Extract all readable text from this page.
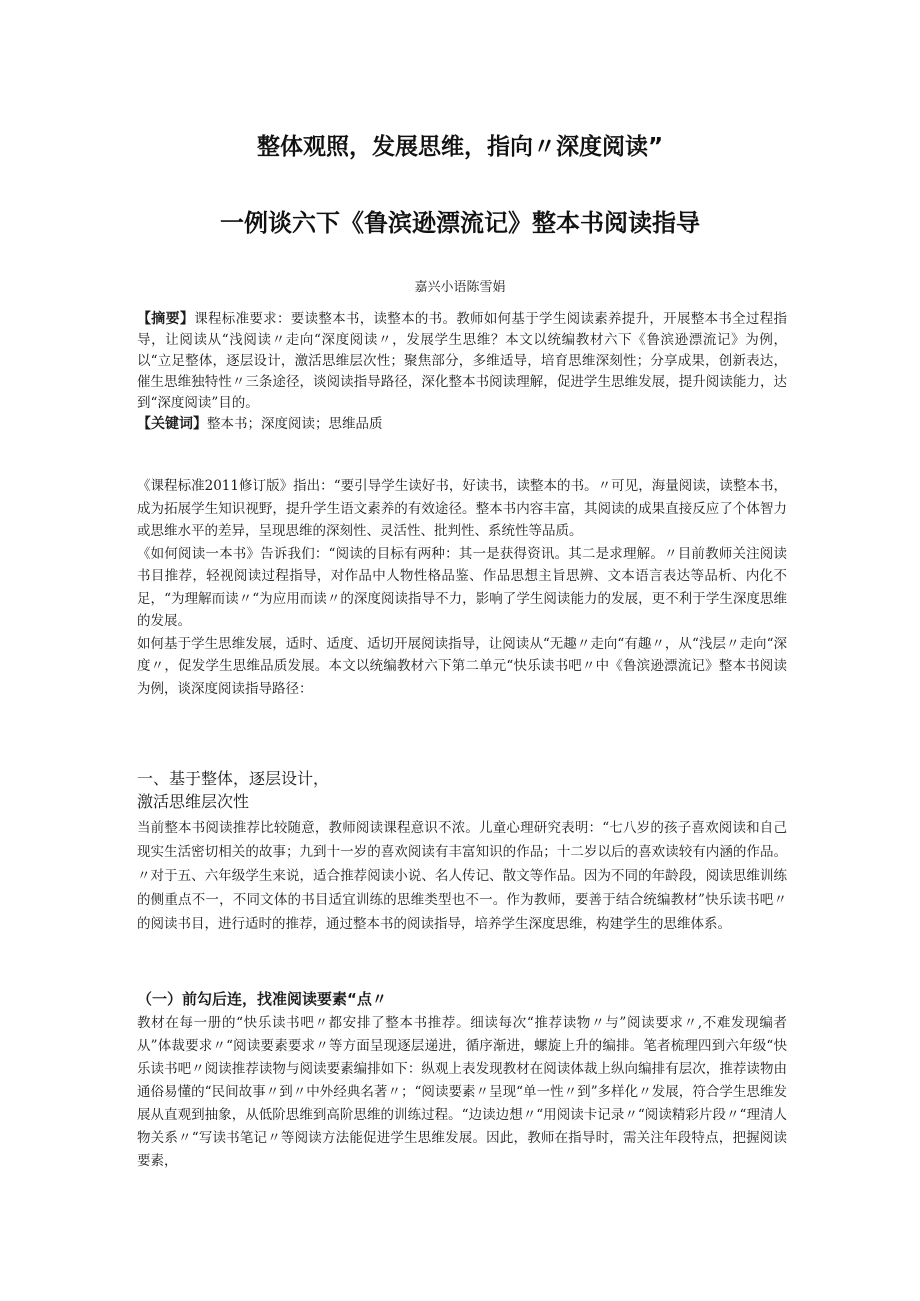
整体观照，发展思维，指向〃深度阅读”
一例谈六下《鲁滨逊漂流记》整本书阅读指导
嘉兴小语陈雪娟

【摘要】课程标准要求：要读整本书，读整本的书。教师如何基于学生阅读素养提升，开展整本书全过程指导，让阅读从“浅阅读〃走向“深度阅读〃，发展学生思维？本文以统编教材六下《鲁滨逊漂流记》为例，以“立足整体，逐层设计，激活思维层次性；聚焦部分，多维适导，培育思维深刻性；分享成果，创新表达，催生思维独特性〃三条途径，谈阅读指导路径，深化整本书阅读理解，促进学生思维发展，提升阅读能力，达到“深度阅读”目的。

【关键词】整本书；深度阅读；思维品质

《课程标准2011修订版》指出：“要引导学生读好书，好读书，读整本的书。〃可见，海量阅读，读整本书，成为拓展学生知识视野，提升学生语文素养的有效途径。整本书内容丰富，其阅读的成果直接反应了个体智力或思维水平的差异，呈现思维的深刻性、灵活性、批判性、系统性等品质。

《如何阅读一本书》告诉我们：“阅读的目标有两种：其一是获得资讯。其二是求理解。〃目前教师关注阅读书目推荐，轻视阅读过程指导，对作品中人物性格品鉴、作品思想主旨思辨、文本语言表达等品析、内化不足，“为理解而读〃“为应用而读〃的深度阅读指导不力，影响了学生阅读能力的发展，更不利于学生深度思维的发展。

如何基于学生思维发展，适时、适度、适切开展阅读指导，让阅读从“无趣〃走向“有趣〃，从“浅层〃走向“深度〃，促发学生思维品质发展。本文以统编教材六下第二单元“快乐读书吧〃中《鲁滨逊漂流记》整本书阅读为例，谈深度阅读指导路径：

一、基于整体，逐层设计，
激活思维层次性

当前整本书阅读推荐比较随意，教师阅读课程意识不浓。儿童心理研究表明：“七八岁的孩子喜欢阅读和自己现实生活密切相关的故事；九到十一岁的喜欢阅读有丰富知识的作品；十二岁以后的喜欢读较有内涵的作品。〃对于五、六年级学生来说，适合推荐阅读小说、名人传记、散文等作品。因为不同的年龄段，阅读思维训练的侧重点不一，不同文体的书目适宜训练的思维类型也不一。作为教师，要善于结合统编教材”快乐读书吧〃的阅读书目，进行适时的推荐，通过整本书的阅读指导，培养学生深度思维，构建学生的思维体系。

（一）前勾后连，找准阅读要素“点〃

教材在每一册的“快乐读书吧〃都安排了整本书推荐。细读每次“推荐读物〃与”阅读要求〃,不难发现编者从”体裁要求〃“阅读要素要求〃等方面呈现逐层递进，循序渐进，螺旋上升的编排。笔者梳理四到六年级“快乐读书吧〃阅读推荐读物与阅读要素编排如下：纵观上表发现教材在阅读体裁上纵向编排有层次，推荐读物由通俗易懂的“民间故事〃到〃中外经典名著〃；“阅读要素〃呈现“单一性〃到”多样化〃发展，符合学生思维发展从直观到抽象，从低阶思维到高阶思维的训练过程。“边读边想〃“用阅读卡记录〃“阅读精彩片段〃“理清人物关系〃“写读书笔记〃等阅读方法能促进学生思维发展。因此，教师在指导时，需关注年段特点，把握阅读要素，
